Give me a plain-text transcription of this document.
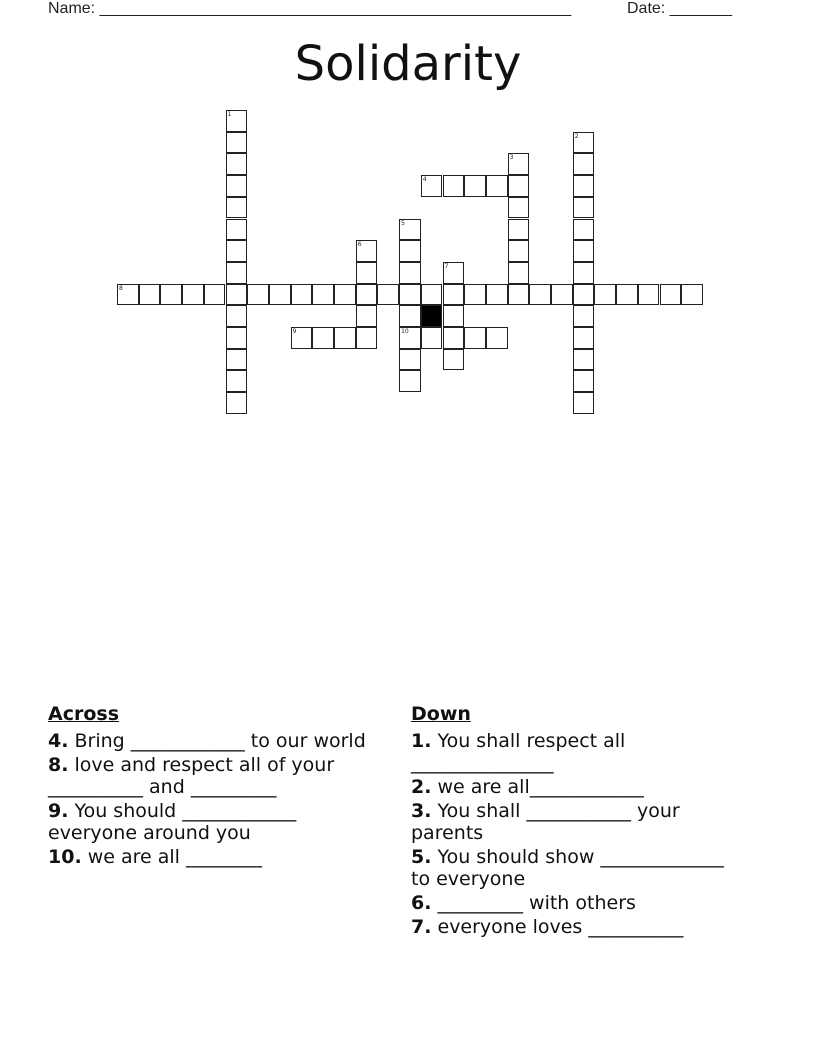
Name: _____________________________________________________	Date: _______
Solidarity
1
2
3
4
5
10
6
7
8
9
Across
4. Bring ____________ to our world
8. love and respect all of your __________ and _________
9. You should ____________ everyone around you
10. we are all ________
Down
1. You shall respect all _______________
2. we are all____________
3. You shall ___________ your parents
5. You should show _____________ to everyone
6. _________ with others
7. everyone loves __________
